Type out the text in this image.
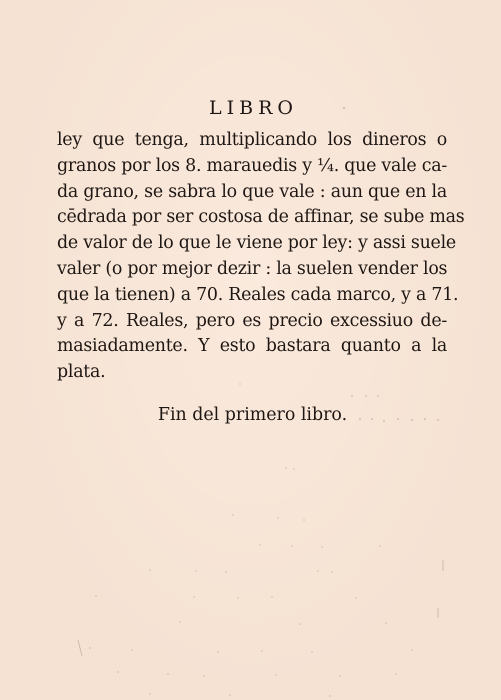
LIBRO
ley que tenga, multiplicando los dineros o
granos por los 8. marauedis y ¼. que vale ca-
da grano, se sabra lo que vale : aun que en la
cēdrada por ser costosa de affinar, se sube mas
de valor de lo que le viene por ley: y assi suele
valer (o por mejor dezir : la suelen vender los
que la tienen) a 70. Reales cada marco, y a 71.
y a 72. Reales, pero es precio excessiuo de-
masiadamente. Y esto bastara quanto a la
plata.
Fin del primero libro.
